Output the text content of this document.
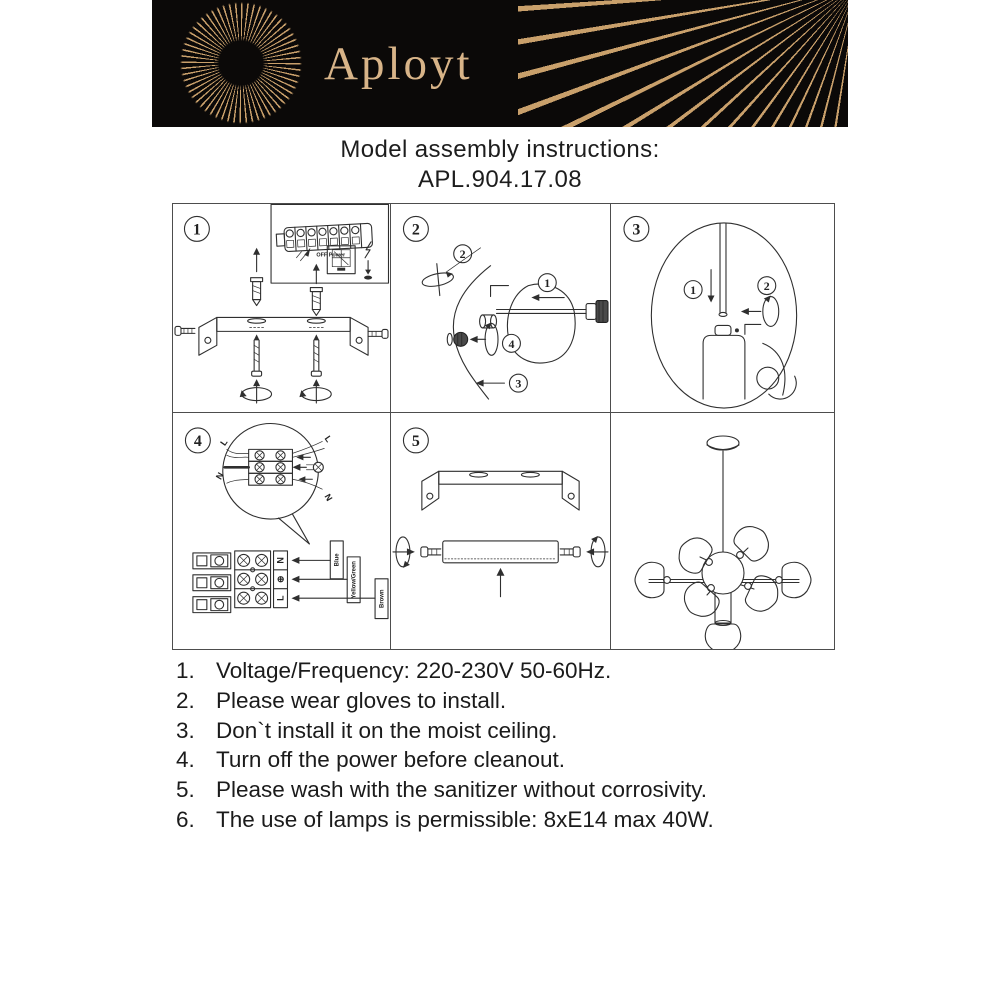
Aployt
Model assembly instructions:
APL.904.17.08
1
OFF Power
2
1
2
4
3
3
1	2
4 L	L
N
N
N
⊕
L
Blue
Yellow/Green
Brown
5
1. Voltage/Frequency: 220-230V 50-60Hz.
2. Please wear gloves to install.
3. Don`t install it on the moist ceiling.
4. Turn off the power before cleanout.
5. Please wash with the sanitizer without corrosivity.
6. The use of lamps is permissible: 8xE14 max 40W.
